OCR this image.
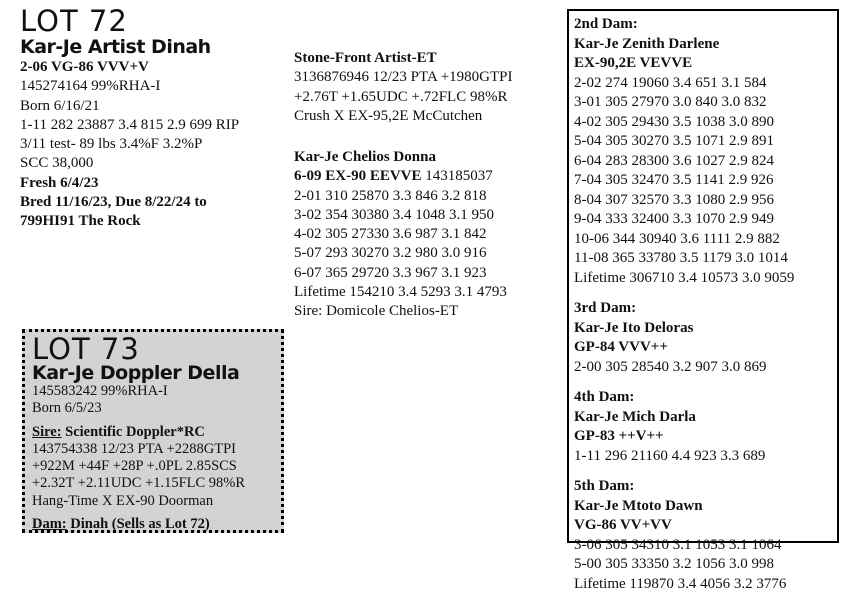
LOT 72
Kar-Je Artist Dinah
2-06 VG-86 VVV+V
145274164 99%RHA-I
Born 6/16/21
1-11 282 23887 3.4 815 2.9 699 RIP
3/11 test- 89 lbs 3.4%F 3.2%P
SCC 38,000
Fresh 6/4/23
Bred 11/16/23, Due 8/22/24 to
799HI91 The Rock
Stone-Front Artist-ET
3136876946 12/23 PTA +1980GTPI
+2.76T +1.65UDC +.72FLC 98%R
Crush X EX-95,2E McCutchen
Kar-Je Chelios Donna
6-09 EX-90 EEVVE 143185037
2-01 310 25870 3.3 846 3.2 818
3-02 354 30380 3.4 1048 3.1 950
4-02 305 27330 3.6 987 3.1 842
5-07 293 30270 3.2 980 3.0 916
6-07 365 29720 3.3 967 3.1 923
Lifetime 154210 3.4 5293 3.1 4793
Sire: Domicole Chelios-ET
LOT 73
Kar-Je Doppler Della
145583242 99%RHA-I
Born 6/5/23
Sire: Scientific Doppler*RC
143754338 12/23 PTA +2288GTPI
+922M +44F +28P +.0PL 2.85SCS
+2.32T +2.11UDC +1.15FLC 98%R
Hang-Time X EX-90 Doorman
Dam: Dinah (Sells as Lot 72)
2nd Dam:
Kar-Je Zenith Darlene
EX-90,2E VEVVE
2-02 274 19060 3.4 651 3.1 584
3-01 305 27970 3.0 840 3.0 832
4-02 305 29430 3.5 1038 3.0 890
5-04 305 30270 3.5 1071 2.9 891
6-04 283 28300 3.6 1027 2.9 824
7-04 305 32470 3.5 1141 2.9 926
8-04 307 32570 3.3 1080 2.9 956
9-04 333 32400 3.3 1070 2.9 949
10-06 344 30940 3.6 1111 2.9 882
11-08 365 33780 3.5 1179 3.0 1014
Lifetime 306710 3.4 10573 3.0 9059
3rd Dam:
Kar-Je Ito Deloras
GP-84 VVV++
2-00 305 28540 3.2 907 3.0 869
4th Dam:
Kar-Je Mich Darla
GP-83 ++V++
1-11 296 21160 4.4 923 3.3 689
5th Dam:
Kar-Je Mtoto Dawn
VG-86 VV+VV
3-06 305 34310 3.1 1053 3.1 1064
5-00 305 33350 3.2 1056 3.0 998
Lifetime 119870 3.4 4056 3.2 3776
